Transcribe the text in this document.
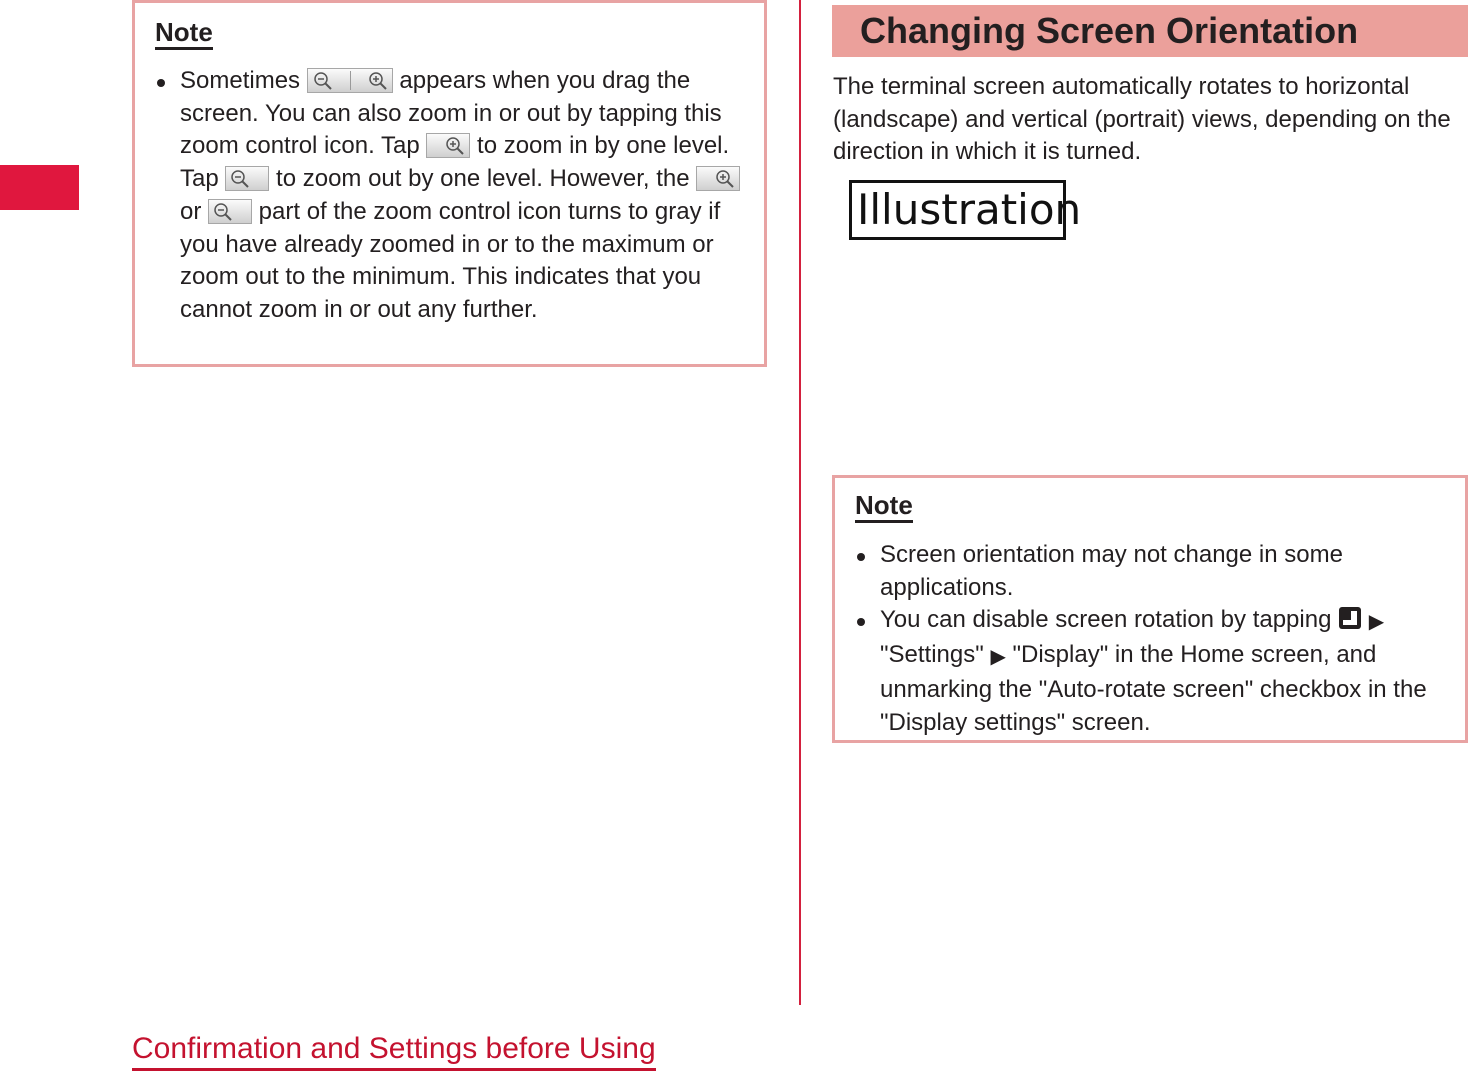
Note
Sometimes	appears when you drag the screen. You can also zoom in or out by tapping this zoom control icon. Tap
to zoom in by one level. Tap
to zoom out by one level. However, the
or
part of the zoom control icon turns to gray if you have already zoomed in or to the maximum or zoom out to the minimum. This indicates that you cannot zoom in or out any further.
Changing Screen Orientation

The terminal screen automatically rotates to horizontal (landscape) and vertical (portrait) views, depending on the direction in which it is turned.

Illustration
Note
Screen orientation may not change in some applications.
You can disable screen rotation by tapping  ▶ "Settings" ▶ "Display" in the Home screen, and unmarking the "Auto-rotate screen" checkbox in the "Display settings" screen.
Confirmation and Settings before Using
